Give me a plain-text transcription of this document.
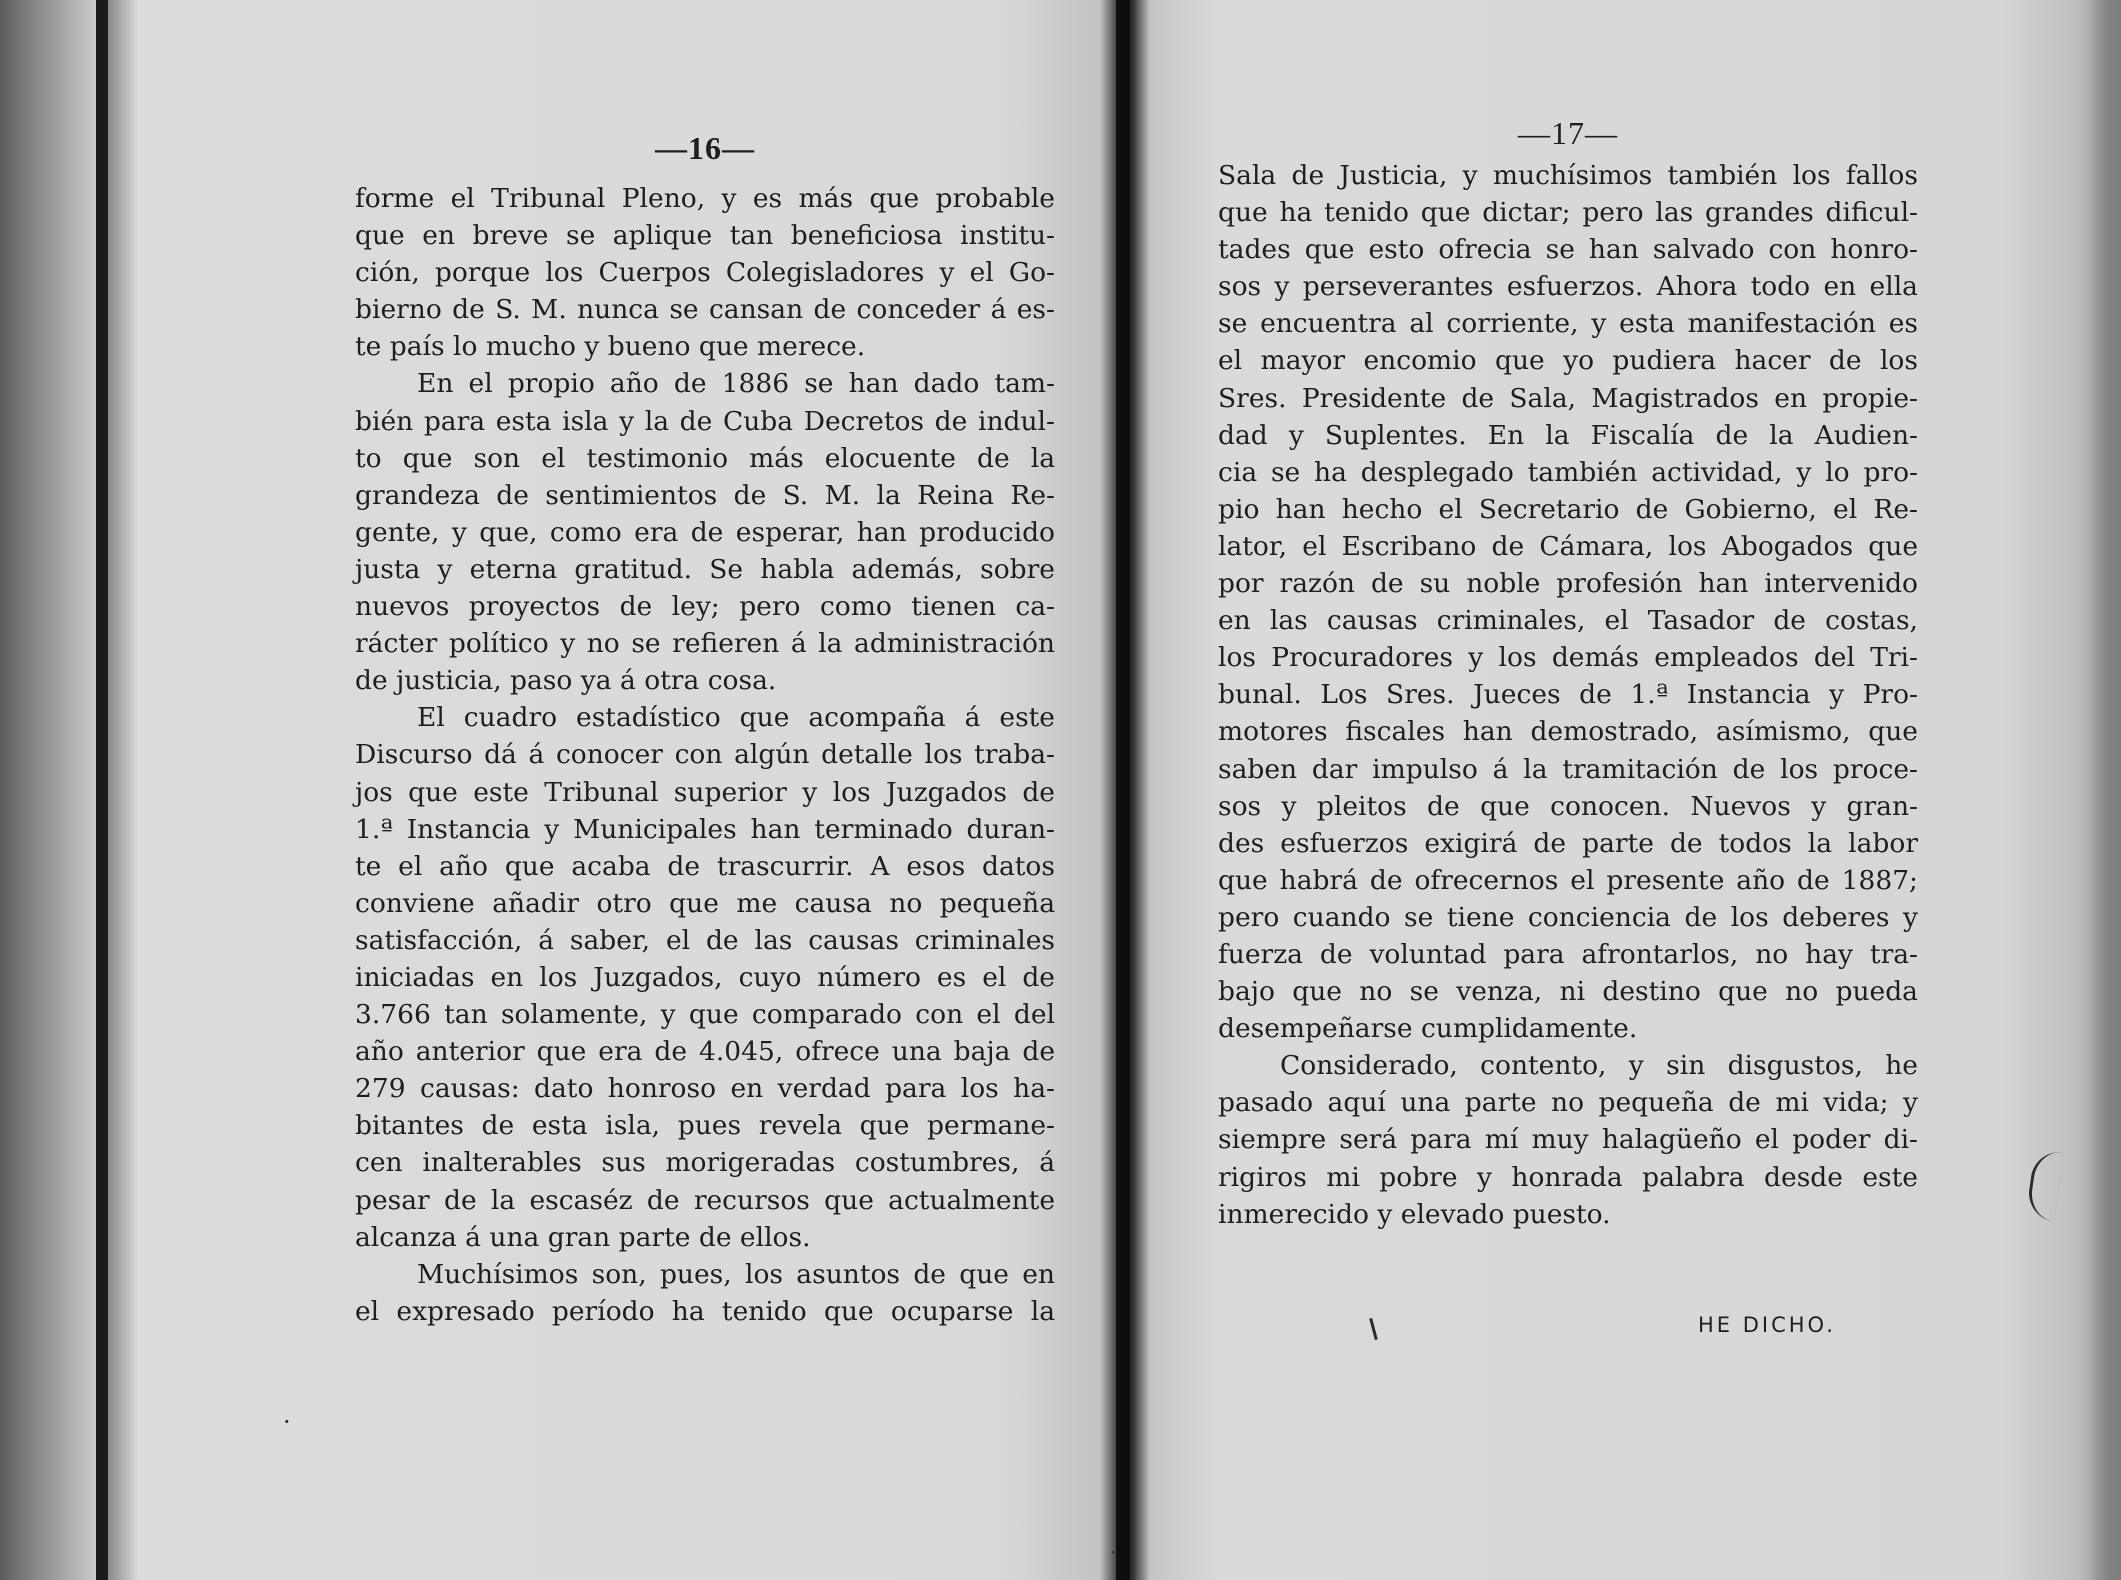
—16—
forme el Tribunal Pleno, y es más que probable
que en breve se aplique tan beneficiosa institu-
ción, porque los Cuerpos Colegisladores y el Go-
bierno de S. M. nunca se cansan de conceder á es-
te país lo mucho y bueno que merece.
En el propio año de 1886 se han dado tam-
bién para esta isla y la de Cuba Decretos de indul-
to que son el testimonio más elocuente de la
grandeza de sentimientos de S. M. la Reina Re-
gente, y que, como era de esperar, han producido
justa y eterna gratitud. Se habla además, sobre
nuevos proyectos de ley; pero como tienen ca-
rácter político y no se refieren á la administración
de justicia, paso ya á otra cosa.
El cuadro estadístico que acompaña á este
Discurso dá á conocer con algún detalle los traba-
jos que este Tribunal superior y los Juzgados de
1.ª Instancia y Municipales han terminado duran-
te el año que acaba de trascurrir. A esos datos
conviene añadir otro que me causa no pequeña
satisfacción, á saber, el de las causas criminales
iniciadas en los Juzgados, cuyo número es el de
3.766 tan solamente, y que comparado con el del
año anterior que era de 4.045, ofrece una baja de
279 causas: dato honroso en verdad para los ha-
bitantes de esta isla, pues revela que permane-
cen inalterables sus morigeradas costumbres, á
pesar de la escaséz de recursos que actualmente
alcanza á una gran parte de ellos.
Muchísimos son, pues, los asuntos de que en
el expresado período ha tenido que ocuparse la
—17—
Sala de Justicia, y muchísimos también los fallos
que ha tenido que dictar; pero las grandes dificul-
tades que esto ofrecia se han salvado con honro-
sos y perseverantes esfuerzos. Ahora todo en ella
se encuentra al corriente, y esta manifestación es
el mayor encomio que yo pudiera hacer de los
Sres. Presidente de Sala, Magistrados en propie-
dad y Suplentes. En la Fiscalía de la Audien-
cia se ha desplegado también actividad, y lo pro-
pio han hecho el Secretario de Gobierno, el Re-
lator, el Escribano de Cámara, los Abogados que
por razón de su noble profesión han intervenido
en las causas criminales, el Tasador de costas,
los Procuradores y los demás empleados del Tri-
bunal. Los Sres. Jueces de 1.ª Instancia y Pro-
motores fiscales han demostrado, asímismo, que
saben dar impulso á la tramitación de los proce-
sos y pleitos de que conocen. Nuevos y gran-
des esfuerzos exigirá de parte de todos la labor
que habrá de ofrecernos el presente año de 1887;
pero cuando se tiene conciencia de los deberes y
fuerza de voluntad para afrontarlos, no hay tra-
bajo que no se venza, ni destino que no pueda
desempeñarse cumplidamente.
Considerado, contento, y sin disgustos, he
pasado aquí una parte no pequeña de mi vida; y
siempre será para mí muy halagüeño el poder di-
rigiros mi pobre y honrada palabra desde este
inmerecido y elevado puesto.
HE DICHO.
·
·
